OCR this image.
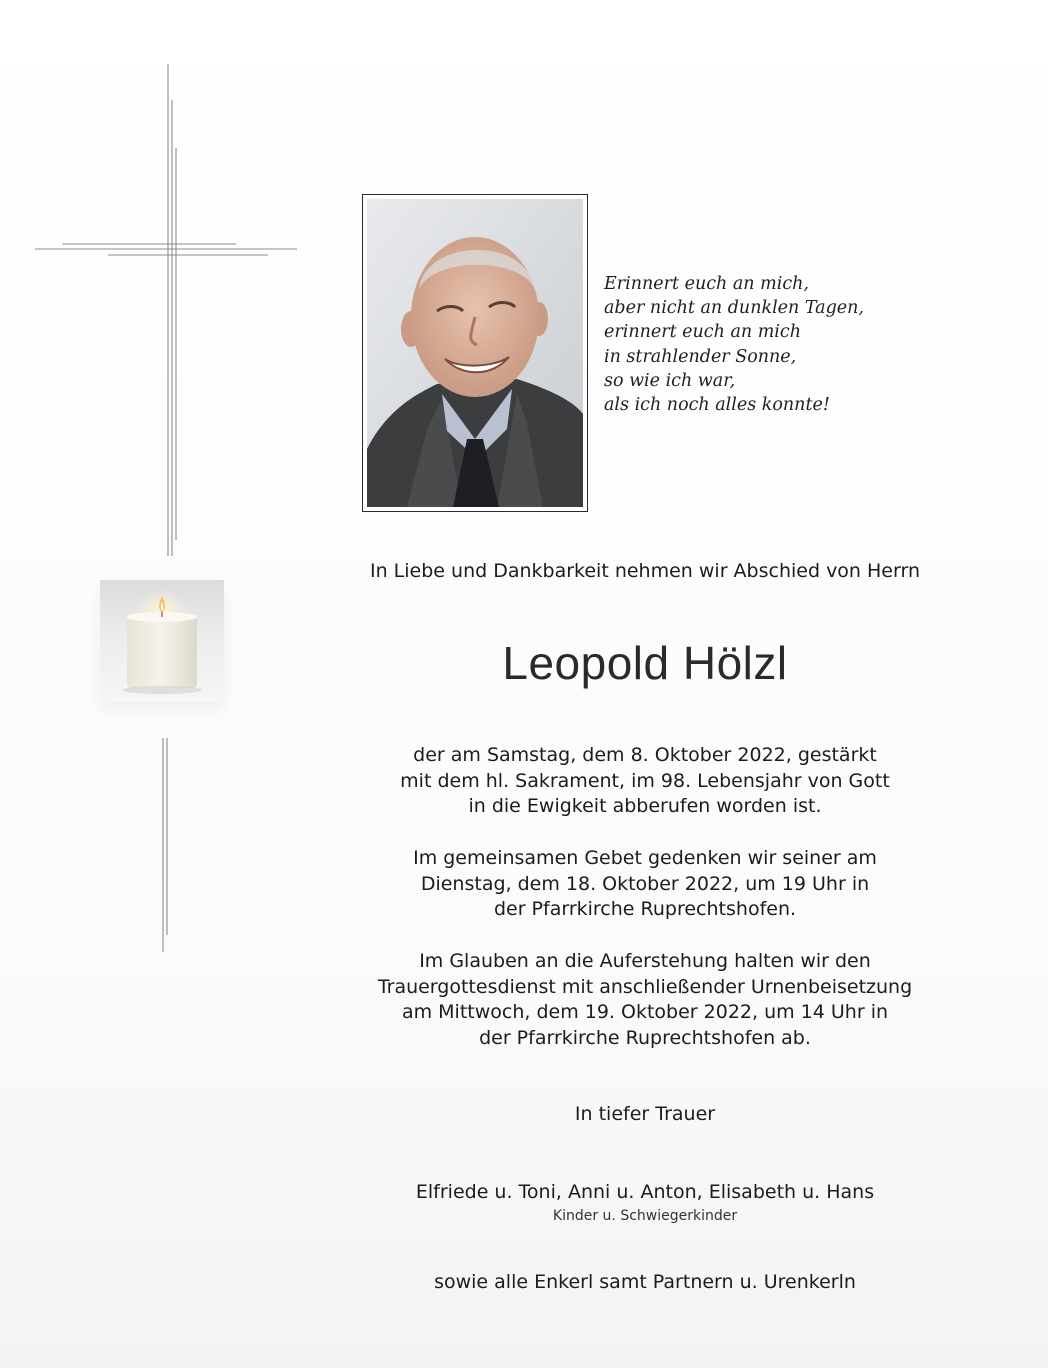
Erinnert euch an mich,
aber nicht an dunklen Tagen,
erinnert euch an mich
in strahlender Sonne,
so wie ich war,
als ich noch alles konnte!
In Liebe und Dankbarkeit nehmen wir Abschied von Herrn
Leopold Hölzl
der am Samstag, dem 8. Oktober 2022, gestärkt
mit dem hl. Sakrament, im 98. Lebensjahr von Gott
in die Ewigkeit abberufen worden ist.
Im gemeinsamen Gebet gedenken wir seiner am
Dienstag, dem 18. Oktober 2022, um 19 Uhr in
der Pfarrkirche Ruprechtshofen.
Im Glauben an die Auferstehung halten wir den
Trauergottesdienst mit anschließender Urnenbeisetzung
am Mittwoch, dem 19. Oktober 2022, um 14 Uhr in
der Pfarrkirche Ruprechtshofen ab.
In tiefer Trauer
Elfriede u. Toni, Anni u. Anton, Elisabeth u. Hans
Kinder u. Schwiegerkinder
sowie alle Enkerl samt Partnern u. Urenkerln
